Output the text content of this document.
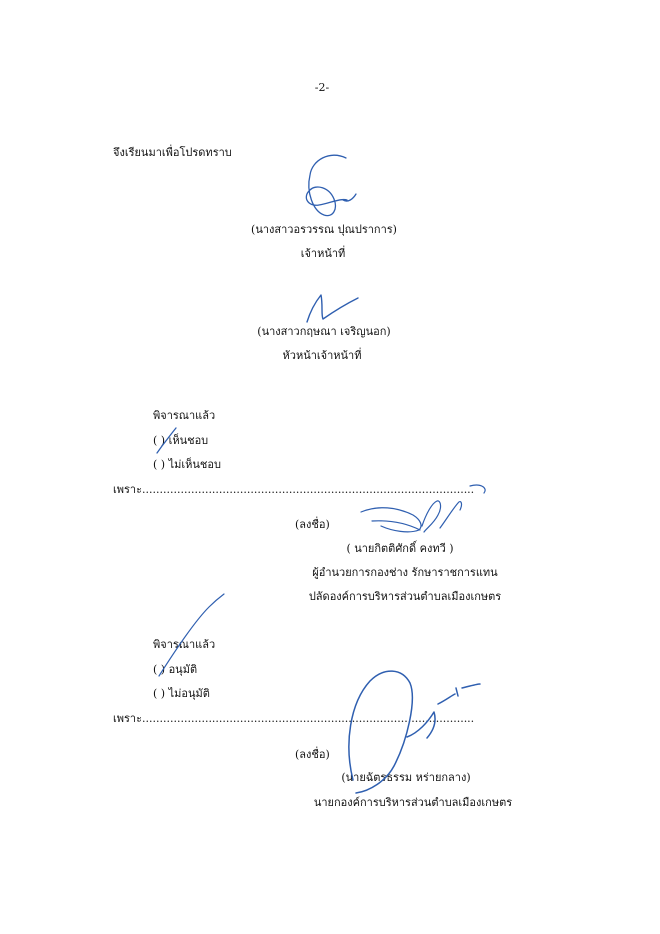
-2-
จึงเรียนมาเพื่อโปรดทราบ
(นางสาวอรวรรณ ปุณปราการ)
เจ้าหน้าที่
(นางสาวกฤษณา เจริญนอก)
หัวหน้าเจ้าหน้าที่
พิจารณาแล้ว
( ) เห็นชอบ
( ) ไม่เห็นชอบ
เพราะ...............................................................................................
(ลงชื่อ)
( นายกิตติศักดิ์ คงทวี )
ผู้อำนวยการกองช่าง รักษาราชการแทน
ปลัดองค์การบริหารส่วนตำบลเมืองเกษตร
พิจารณาแล้ว
( ) อนุมัติ
( ) ไม่อนุมัติ
เพราะ...............................................................................................
(ลงชื่อ)
(นายฉัตรธรรม หร่ายกลาง)
นายกองค์การบริหารส่วนตำบลเมืองเกษตร
